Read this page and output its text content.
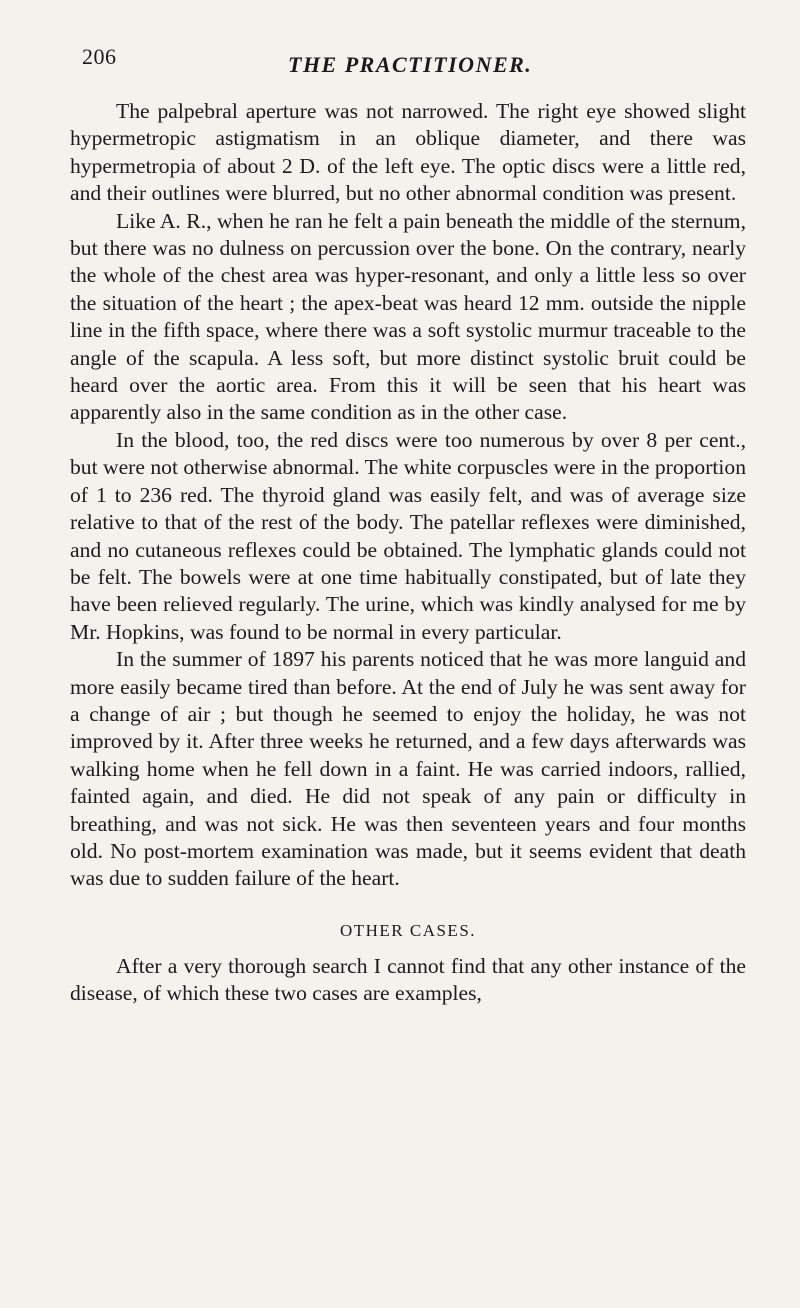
206	THE PRACTITIONER.

The palpebral aperture was not narrowed. The right eye showed slight hypermetropic astigmatism in an oblique diameter, and there was hypermetropia of about 2 D. of the left eye. The optic discs were a little red, and their outlines were blurred, but no other abnormal condition was present.

Like A. R., when he ran he felt a pain beneath the middle of the sternum, but there was no dulness on percussion over the bone. On the contrary, nearly the whole of the chest area was hyper-resonant, and only a little less so over the situation of the heart ; the apex-beat was heard 12 mm. outside the nipple line in the fifth space, where there was a soft systolic murmur traceable to the angle of the scapula. A less soft, but more distinct systolic bruit could be heard over the aortic area. From this it will be seen that his heart was apparently also in the same condition as in the other case.

In the blood, too, the red discs were too numerous by over 8 per cent., but were not otherwise abnormal. The white corpuscles were in the proportion of 1 to 236 red. The thyroid gland was easily felt, and was of average size relative to that of the rest of the body. The patellar reflexes were diminished, and no cutaneous reflexes could be obtained. The lymphatic glands could not be felt. The bowels were at one time habitually constipated, but of late they have been relieved regularly. The urine, which was kindly analysed for me by Mr. Hopkins, was found to be normal in every particular.

In the summer of 1897 his parents noticed that he was more languid and more easily became tired than before. At the end of July he was sent away for a change of air ; but though he seemed to enjoy the holiday, he was not improved by it. After three weeks he returned, and a few days afterwards was walking home when he fell down in a faint. He was carried indoors, rallied, fainted again, and died. He did not speak of any pain or difficulty in breathing, and was not sick. He was then seventeen years and four months old. No post-mortem examination was made, but it seems evident that death was due to sudden failure of the heart.

OTHER CASES.

After a very thorough search I cannot find that any other instance of the disease, of which these two cases are examples,
